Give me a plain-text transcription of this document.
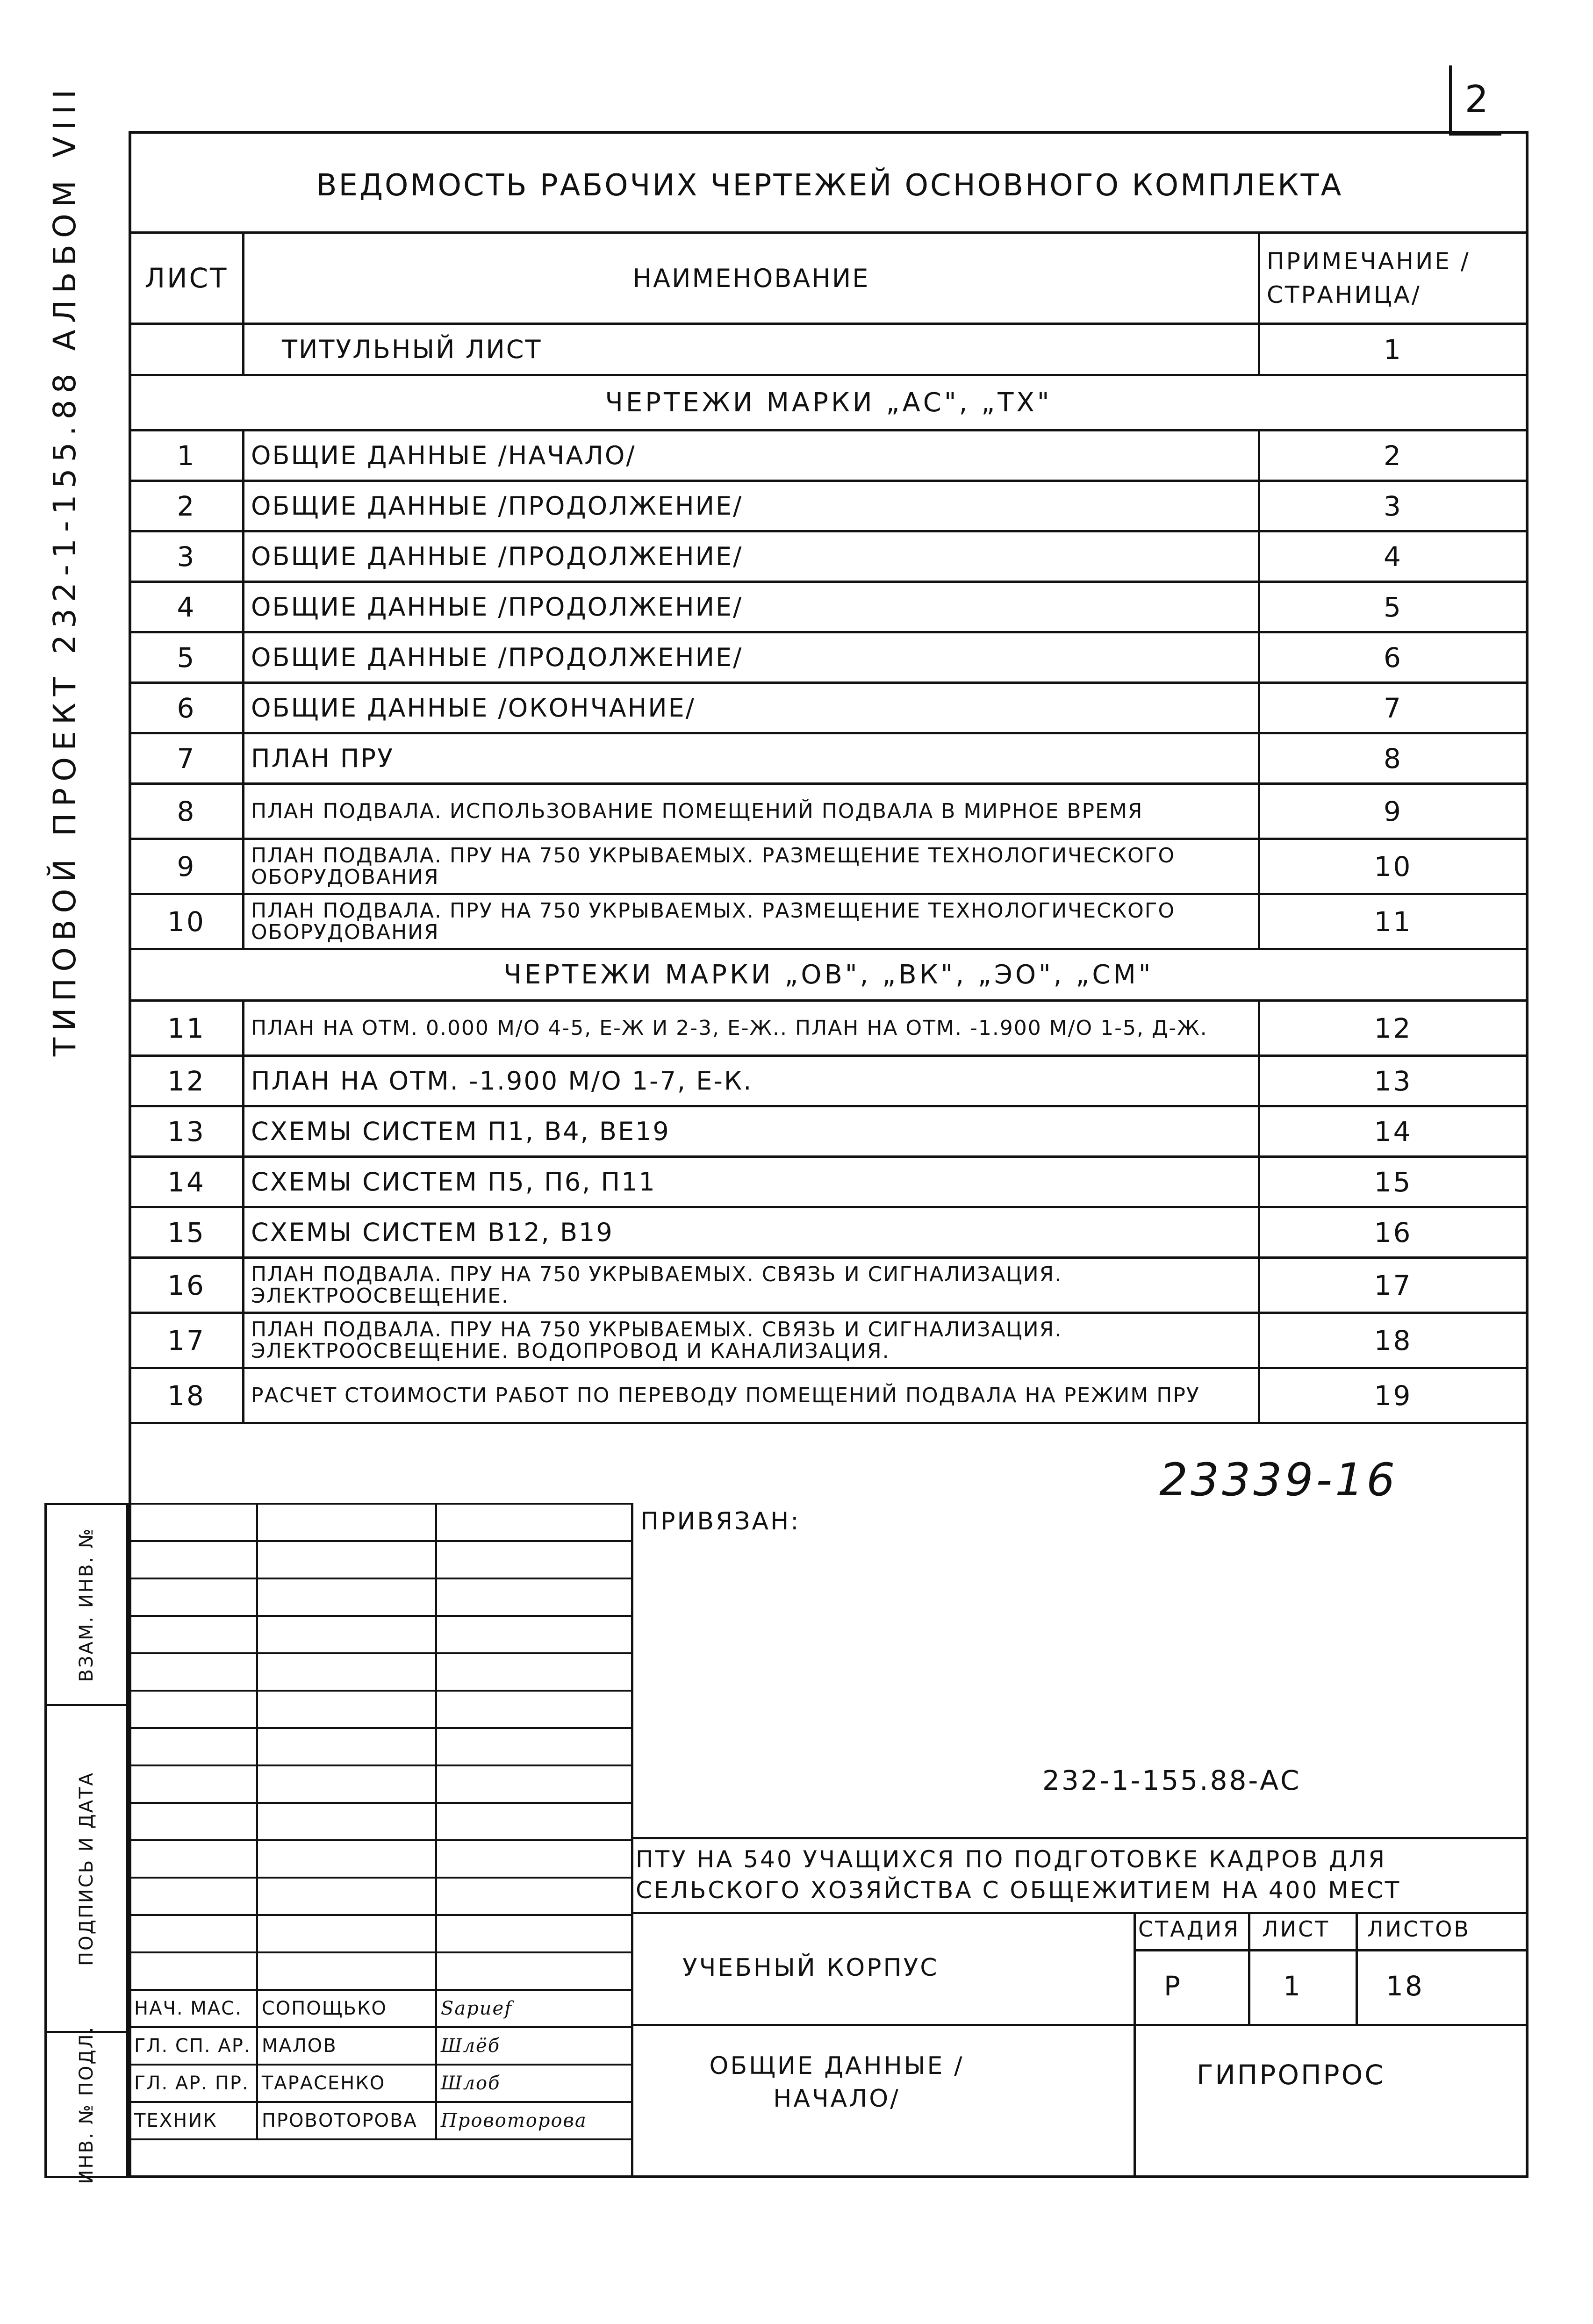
2
ТИПОВОЙ ПРОЕКТ 232-1-155.88 АЛЬБОМ VIII	ВЕДОМОСТЬ РАБОЧИХ ЧЕРТЕЖЕЙ ОСНОВНОГО КОМПЛЕКТА
ЛИСТ	НАИМЕНОВАНИЕ	ПРИМЕЧАНИЕ /СТРАНИЦА/
	ТИТУЛЬНЫЙ ЛИСТ	1
ЧЕРТЕЖИ МАРКИ „АС", „ТХ"		
1	ОБЩИЕ ДАННЫЕ /НАЧАЛО/	2
2	ОБЩИЕ ДАННЫЕ /ПРОДОЛЖЕНИЕ/	3
3	ОБЩИЕ ДАННЫЕ /ПРОДОЛЖЕНИЕ/	4
4	ОБЩИЕ ДАННЫЕ /ПРОДОЛЖЕНИЕ/	5
5	ОБЩИЕ ДАННЫЕ /ПРОДОЛЖЕНИЕ/	6
6	ОБЩИЕ ДАННЫЕ /ОКОНЧАНИЕ/	7
7	ПЛАН ПРУ	8
8	ПЛАН ПОДВАЛА. ИСПОЛЬЗОВАНИЕ ПОМЕЩЕНИЙ ПОДВАЛА В МИРНОЕ ВРЕМЯ	9
9	ПЛАН ПОДВАЛА. ПРУ НА 750 УКРЫВАЕМЫХ. РАЗМЕЩЕНИЕ ТЕХНОЛОГИЧЕСКОГО ОБОРУДОВАНИЯ	10
10	ПЛАН ПОДВАЛА. ПРУ НА 750 УКРЫВАЕМЫХ. РАЗМЕЩЕНИЕ ТЕХНОЛОГИЧЕСКОГО ОБОРУДОВАНИЯ	11
ЧЕРТЕЖИ МАРКИ „ОВ", „ВК", „ЭО", „СМ"		
11	ПЛАН НА ОТМ. 0.000 М/О 4-5, Е-Ж И 2-3, Е-Ж.. ПЛАН НА ОТМ. -1.900 М/О 1-5, Д-Ж.	12
12	ПЛАН НА ОТМ. -1.900 М/О 1-7, Е-К.	13
13	СХЕМЫ СИСТЕМ П1, В4, ВЕ19	14
14	СХЕМЫ СИСТЕМ П5, П6, П11	15
15	СХЕМЫ СИСТЕМ В12, В19	16
16	ПЛАН ПОДВАЛА. ПРУ НА 750 УКРЫВАЕМЫХ. СВЯЗЬ И СИГНАЛИЗАЦИЯ. ЭЛЕКТРООСВЕЩЕНИЕ.	17
17	ПЛАН ПОДВАЛА. ПРУ НА 750 УКРЫВАЕМЫХ. СВЯЗЬ И СИГНАЛИЗАЦИЯ. ЭЛЕКТРООСВЕЩЕНИЕ. ВОДОПРОВОД И КАНАЛИЗАЦИЯ.	18
18	РАСЧЕТ СТОИМОСТИ РАБОТ ПО ПЕРЕВОДУ ПОМЕЩЕНИЙ ПОДВАЛА НА РЕЖИМ ПРУ	19
23339-16
ВЗАМ. ИНВ. №
ПОДПИСЬ И ДАТА
ИНВ. № ПОДЛ.

НАЧ. МАС.	СОПОЩЬКО	Sapuef
ГЛ. СП. АР.	МАЛОВ	Шлёб
ГЛ. АР. ПР.	ТАРАСЕНКО	Шлоб
ТЕХНИК	ПРОВОТОРОВА	Провоторова
ПРИВЯЗАН:
232-1-155.88-АС
ПТУ НА 540 УЧАЩИХСЯ ПО ПОДГОТОВКЕ КАДРОВ ДЛЯ СЕЛЬСКОГО ХОЗЯЙСТВА С ОБЩЕЖИТИЕМ НА 400 МЕСТ
УЧЕБНЫЙ КОРПУС
СТАДИЯ ЛИСТ ЛИСТОВ
Р	1	18
ОБЩИЕ ДАННЫЕ /НАЧАЛО/
ГИПРОПРОС
